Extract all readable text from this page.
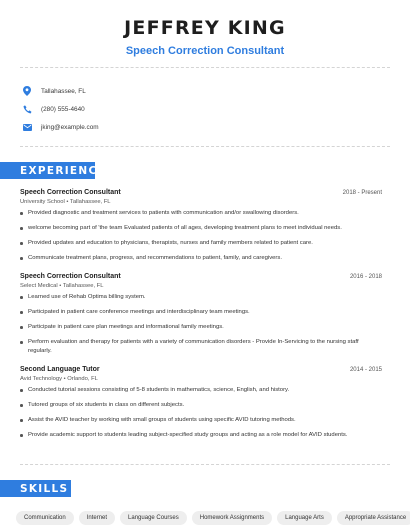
JEFFREY KING
Speech Correction Consultant
Tallahassee, FL
(280) 555-4640
jking@example.com
EXPERIENCE
Speech Correction Consultant	2018 - Present
University School • Tallahassee, FL
Provided diagnostic and treatment services to patients with communication and/or swallowing disorders.
welcome becoming part of 'the team Evaluated patients of all ages, developing treatment plans to meet individual needs.
Provided updates and education to physicians, therapists, nurses and family members related to patient care.
Communicate treatment plans, progress, and recommendations to patient, family, and caregivers.
Speech Correction Consultant	2016 - 2018
Select Medical • Tallahassee, FL
Learned use of Rehab Optima billing system.
Participated in patient care conference meetings and interdisciplinary team meetings.
Participate in patient care plan meetings and informational family meetings.
Perform evaluation and therapy for patients with a variety of communication disorders - Provide In-Servicing to the nursing staff regularly.
Second Language Tutor	2014 - 2015
Avid Technology • Orlando, FL
Conducted tutorial sessions consisting of 5-8 students in mathematics, science, English, and history.
Tutored groups of six students in class on different subjects.
Assist the AVID teacher by working with small groups of students using specific AVID tutoring methods.
Provide academic support to students leading subject-specified study groups and acting as a role model for AVID students.
SKILLS
Communication	Internet	Language Courses	Homework Assignments	Language Arts	Appropriate Assistance
